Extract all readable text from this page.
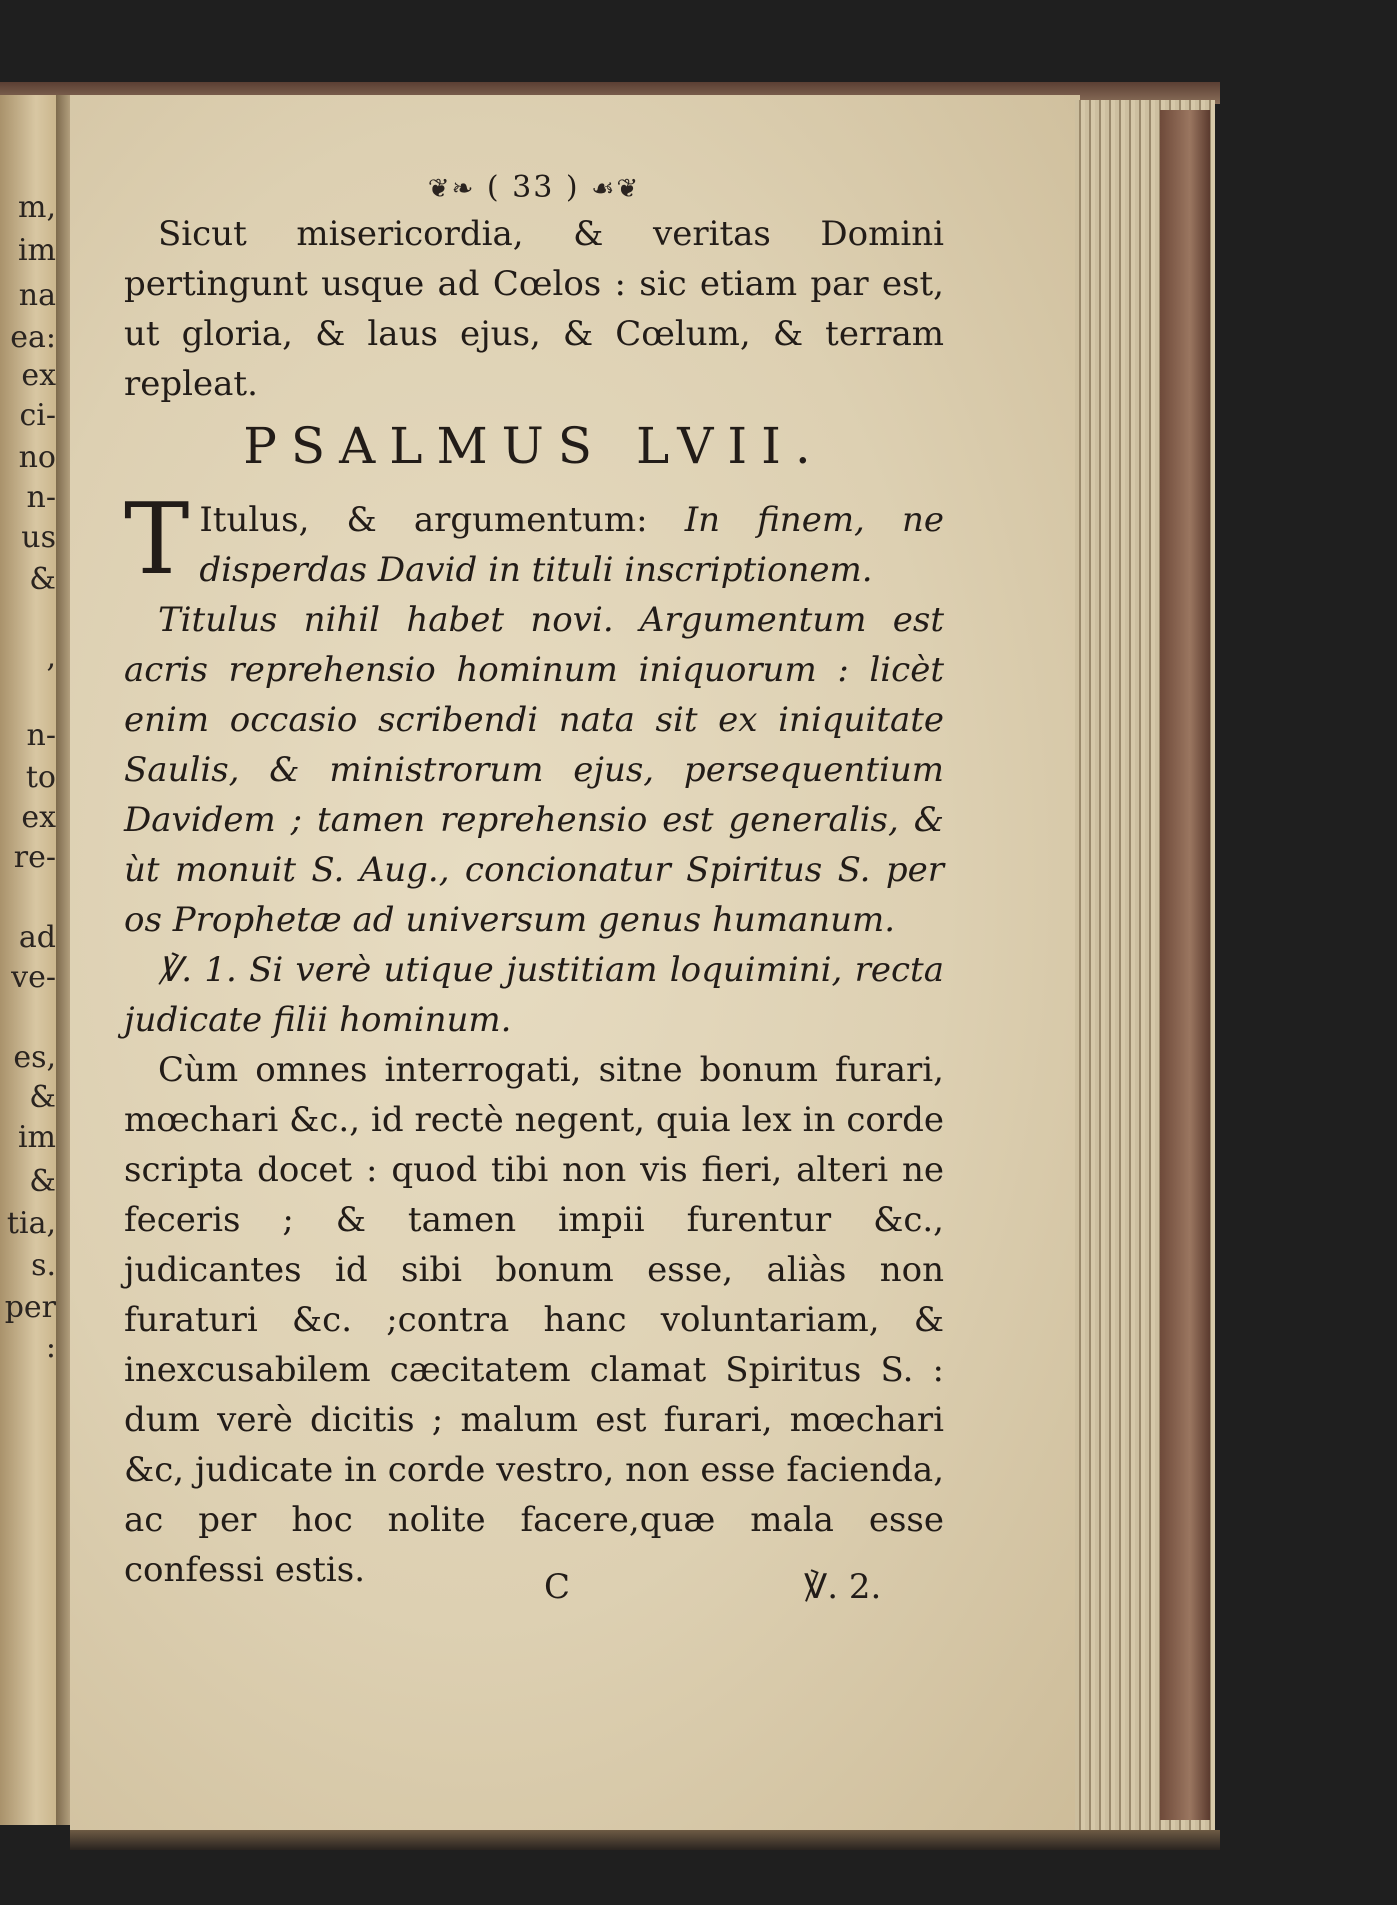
m,
im
na
ea:
ex
ci-
no
n-
us
&
,
n-
to
ex
re-
ad
ve-
es,
&
im
&
tia,
s.
per
:
❦❧ ( 33 ) ☙❦

Sicut misericordia, & veritas Domini pertingunt usque ad Cœlos : sic etiam par est, ut gloria, & laus ejus, & Cœlum, & terram repleat.

PSALMUS LVII.

T Itulus, & argumentum: In finem, ne disperdas David in tituli inscriptionem.

Titulus nihil habet novi. Argumentum est acris reprehensio hominum iniquorum : licèt enim occasio scribendi nata sit ex iniquitate Saulis, & ministrorum ejus, persequentium Davidem ; tamen reprehensio est generalis, & ùt monuit S. Aug., concionatur Spiritus S. per os Prophetæ ad universum genus humanum.

℣. 1. Si verè utique justitiam loquimini, recta judicate filii hominum.

Cùm omnes interrogati, sitne bonum furari, mœchari &c., id rectè negent, quia lex in corde scripta docet : quod tibi non vis fieri, alteri ne feceris ; & tamen impii furentur &c., judicantes id sibi bonum esse, aliàs non furaturi &c. ;contra hanc voluntariam, & inexcusabilem cæcitatem clamat Spiritus S. : dum verè dicitis ; malum est furari, mœchari &c, judicate in corde vestro, non esse facienda, ac per hoc nolite facere,quæ mala esse confessi estis.	C	℣. 2.
